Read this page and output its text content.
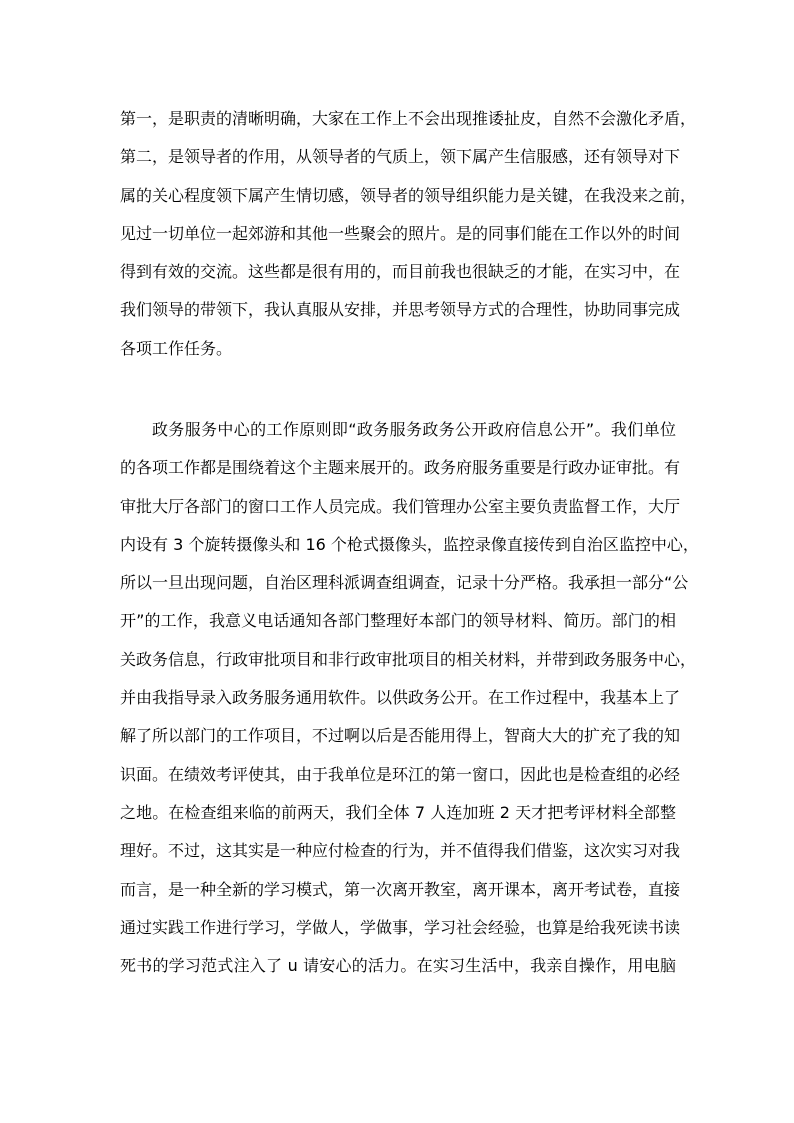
第一，是职责的清晰明确，大家在工作上不会出现推诿扯皮，自然不会激化矛盾，
第二，是领导者的作用，从领导者的气质上，领下属产生信服感，还有领导对下
属的关心程度领下属产生情切感，领导者的领导组织能力是关键，在我没来之前，
见过一切单位一起郊游和其他一些聚会的照片。是的同事们能在工作以外的时间
得到有效的交流。这些都是很有用的，而目前我也很缺乏的才能，在实习中，在
我们领导的带领下，我认真服从安排，并思考领导方式的合理性，协助同事完成
各项工作任务。
政务服务中心的工作原则即“政务服务政务公开政府信息公开”。我们单位
的各项工作都是围绕着这个主题来展开的。政务府服务重要是行政办证审批。有
审批大厅各部门的窗口工作人员完成。我们管理办公室主要负责监督工作，大厅
内设有 3 个旋转摄像头和 16 个枪式摄像头，监控录像直接传到自治区监控中心，
所以一旦出现问题，自治区理科派调查组调查，记录十分严格。我承担一部分“公
开”的工作，我意义电话通知各部门整理好本部门的领导材料、简历。部门的相
关政务信息，行政审批项目和非行政审批项目的相关材料，并带到政务服务中心，
并由我指导录入政务服务通用软件。以供政务公开。在工作过程中，我基本上了
解了所以部门的工作项目，不过啊以后是否能用得上，智商大大的扩充了我的知
识面。在绩效考评使其，由于我单位是环江的第一窗口，因此也是检查组的必经
之地。在检查组来临的前两天，我们全体 7 人连加班 2 天才把考评材料全部整
理好。不过，这其实是一种应付检查的行为，并不值得我们借鉴，这次实习对我
而言，是一种全新的学习模式，第一次离开教室，离开课本，离开考试卷，直接
通过实践工作进行学习，学做人，学做事，学习社会经验，也算是给我死读书读
死书的学习范式注入了 u 请安心的活力。在实习生活中，我亲自操作，用电脑
